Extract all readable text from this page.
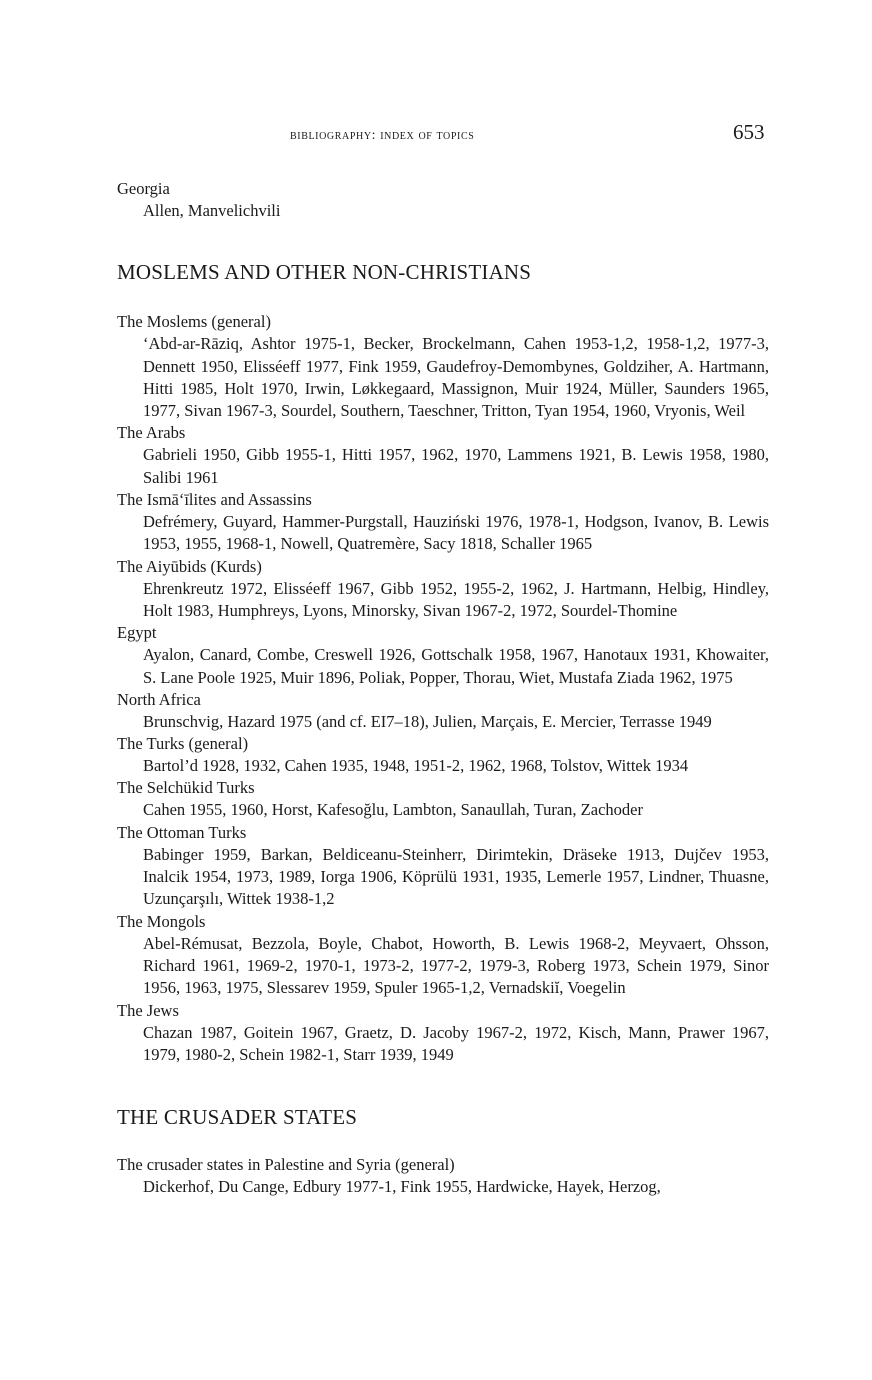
bibliography: index of topics	653

Georgia

Allen, Manvelichvili

MOSLEMS AND OTHER NON-CHRISTIANS

The Moslems (general)

‘Abd-ar-Rāziq, Ashtor 1975-1, Becker, Brockelmann, Cahen 1953-1,2, 1958-1,2, 1977-3, Dennett 1950, Elisséeff 1977, Fink 1959, Gaudefroy-Demombynes, Goldziher, A. Hartmann, Hitti 1985, Holt 1970, Irwin, Løkkegaard, Massignon, Muir 1924, Müller, Saunders 1965, 1977, Sivan 1967-3, Sourdel, Southern, Taeschner, Tritton, Tyan 1954, 1960, Vryonis, Weil

The Arabs

Gabrieli 1950, Gibb 1955-1, Hitti 1957, 1962, 1970, Lammens 1921, B. Lewis 1958, 1980, Salibi 1961

The Ismā‘īlites and Assassins

Defrémery, Guyard, Hammer-Purgstall, Hauziński 1976, 1978-1, Hodgson, Ivanov, B. Lewis 1953, 1955, 1968-1, Nowell, Quatremère, Sacy 1818, Schaller 1965

The Aiyūbids (Kurds)

Ehrenkreutz 1972, Elisséeff 1967, Gibb 1952, 1955-2, 1962, J. Hartmann, Helbig, Hindley, Holt 1983, Humphreys, Lyons, Minorsky, Sivan 1967-2, 1972, Sourdel-Thomine

Egypt

Ayalon, Canard, Combe, Creswell 1926, Gottschalk 1958, 1967, Hanotaux 1931, Khowaiter, S. Lane Poole 1925, Muir 1896, Poliak, Popper, Thorau, Wiet, Mustafa Ziada 1962, 1975

North Africa

Brunschvig, Hazard 1975 (and cf. EI7–18), Julien, Marçais, E. Mercier, Terrasse 1949

The Turks (general)

Bartol’d 1928, 1932, Cahen 1935, 1948, 1951-2, 1962, 1968, Tolstov, Wittek 1934

The Selchükid Turks

Cahen 1955, 1960, Horst, Kafesoğlu, Lambton, Sanaullah, Turan, Zachoder

The Ottoman Turks

Babinger 1959, Barkan, Beldiceanu-Steinherr, Dirimtekin, Dräseke 1913, Dujčev 1953, Inalcik 1954, 1973, 1989, Iorga 1906, Köprülü 1931, 1935, Lemerle 1957, Lindner, Thuasne, Uzunçarşılı, Wittek 1938-1,2

The Mongols

Abel-Rémusat, Bezzola, Boyle, Chabot, Howorth, B. Lewis 1968-2, Meyvaert, Ohsson, Richard 1961, 1969-2, 1970-1, 1973-2, 1977-2, 1979-3, Roberg 1973, Schein 1979, Sinor 1956, 1963, 1975, Slessarev 1959, Spuler 1965-1,2, Vernadskiĭ, Voegelin

The Jews

Chazan 1987, Goitein 1967, Graetz, D. Jacoby 1967-2, 1972, Kisch, Mann, Prawer 1967, 1979, 1980-2, Schein 1982-1, Starr 1939, 1949

THE CRUSADER STATES

The crusader states in Palestine and Syria (general)

Dickerhof, Du Cange, Edbury 1977-1, Fink 1955, Hardwicke, Hayek, Herzog,
